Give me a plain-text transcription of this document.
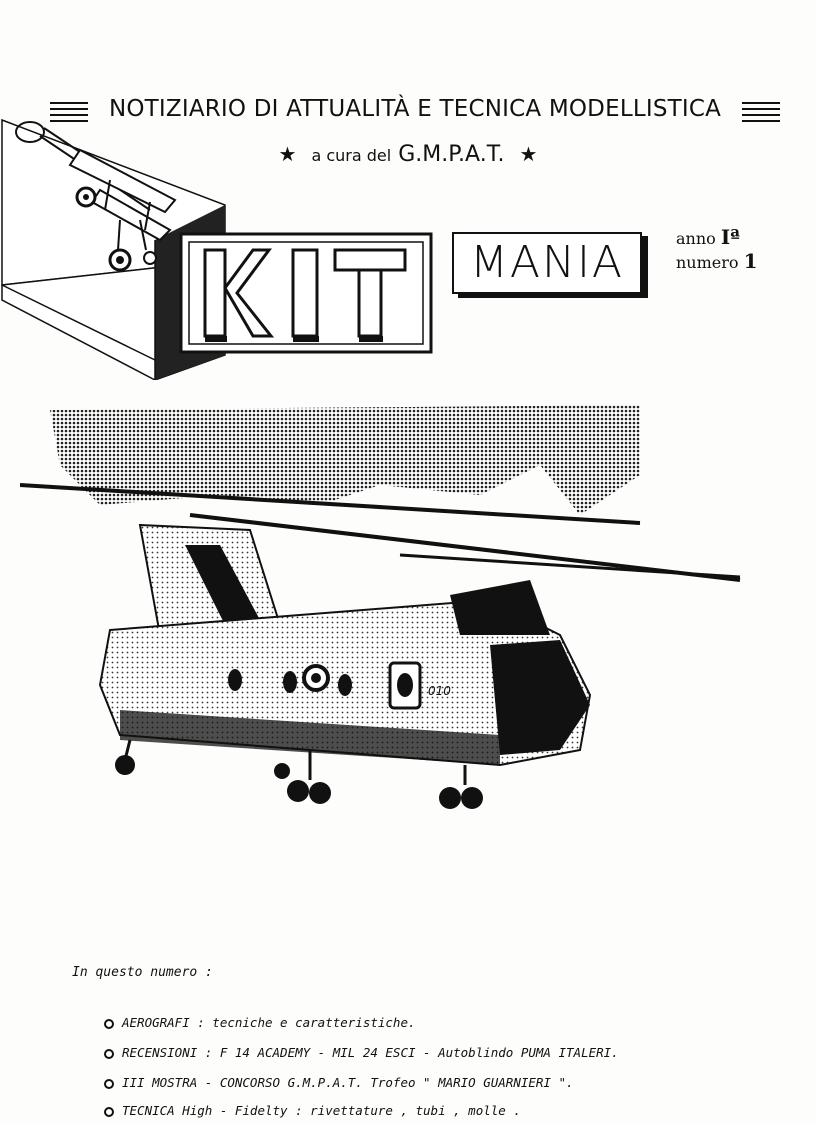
NOTIZIARIO DI ATTUALITÀ E TECNICA MODELLISTICA
★ a cura del G.M.P.A.T. ★
MANIA	anno Iª
numero 1
010
In questo numero :
AEROGRAFI : tecniche e caratteristiche.
RECENSIONI : F 14 ACADEMY - MIL 24 ESCI - Autoblindo PUMA ITALERI.
III MOSTRA - CONCORSO G.M.P.A.T. Trofeo " MARIO GUARNIERI ".
TECNICA High - Fidelty : rivettature , tubi , molle .
